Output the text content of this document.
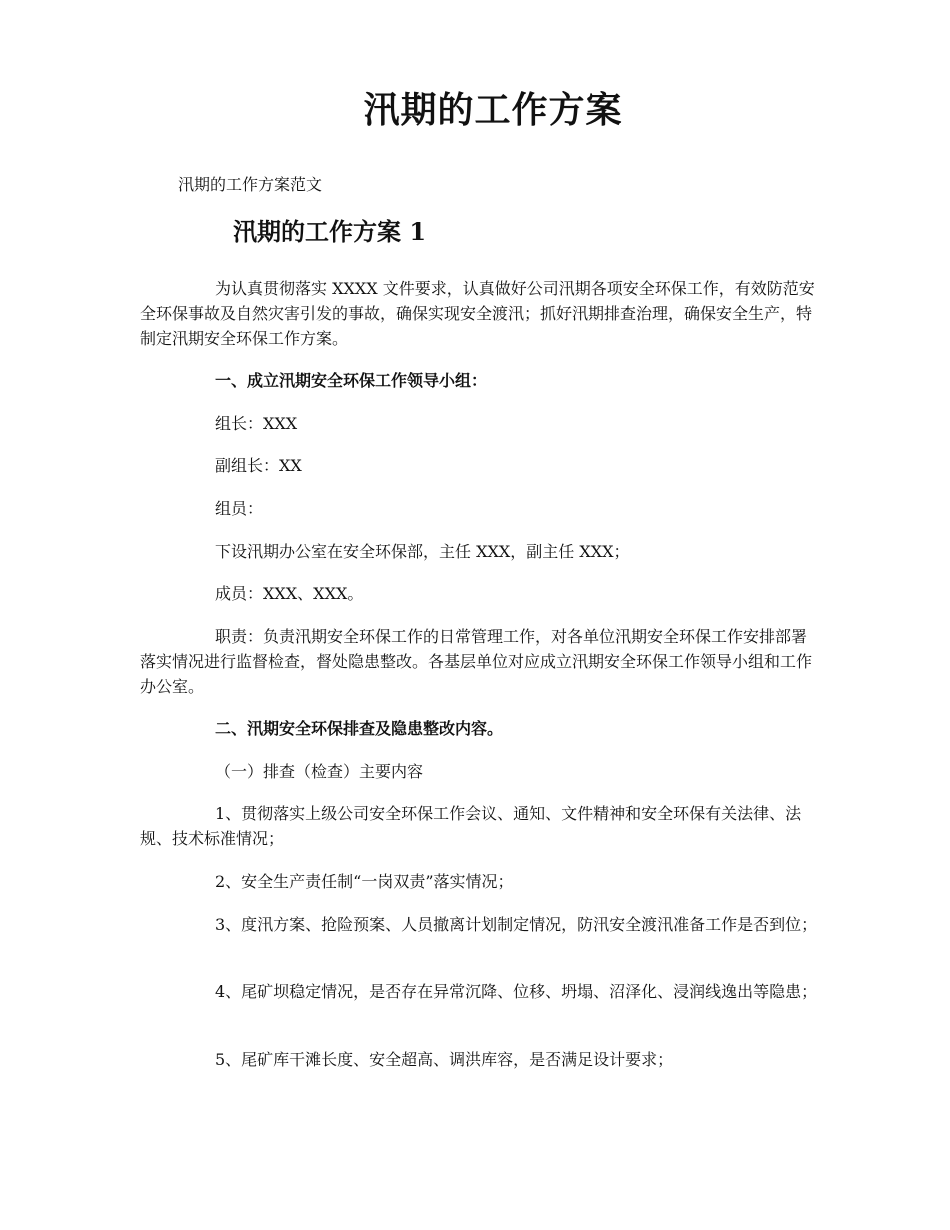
汛期的工作方案

汛期的工作方案范文

汛期的工作方案 1

为认真贯彻落实 XXXX 文件要求，认真做好公司汛期各项安全环保工作，有效防范安全环保事故及自然灾害引发的事故，确保实现安全渡汛；抓好汛期排查治理，确保安全生产，特制定汛期安全环保工作方案。

一、成立汛期安全环保工作领导小组：

组长：XXX

副组长：XX

组员：

下设汛期办公室在安全环保部，主任 XXX，副主任 XXX；

成员：XXX、XXX。

职责：负责汛期安全环保工作的日常管理工作，对各单位汛期安全环保工作安排部署落实情况进行监督检查，督处隐患整改。各基层单位对应成立汛期安全环保工作领导小组和工作办公室。

二、汛期安全环保排查及隐患整改内容。

（一）排查（检查）主要内容

1、贯彻落实上级公司安全环保工作会议、通知、文件精神和安全环保有关法律、法规、技术标准情况；

2、安全生产责任制“一岗双责”落实情况；

3、度汛方案、抢险预案、人员撤离计划制定情况，防汛安全渡汛准备工作是否到位；

4、尾矿坝稳定情况，是否存在异常沉降、位移、坍塌、沼泽化、浸润线逸出等隐患；

5、尾矿库干滩长度、安全超高、调洪库容，是否满足设计要求；
